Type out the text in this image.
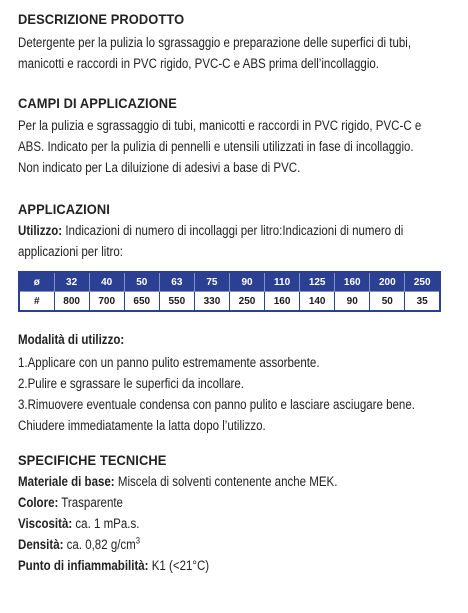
DESCRIZIONE PRODOTTO
Detergente per la pulizia lo sgrassaggio e preparazione delle superfici di tubi,
manicotti e raccordi in PVC rigido, PVC-C e ABS prima dell’incollaggio.
CAMPI DI APPLICAZIONE
Per la pulizia e sgrassaggio di tubi, manicotti e raccordi in PVC rigido, PVC-C e
ABS. Indicato per la pulizia di pennelli e utensili utilizzati in fase di incollaggio.
Non indicato per La diluizione di adesivi a base di PVC.
APPLICAZIONI
Utilizzo: Indicazioni di numero di incollaggi per litro:Indicazioni di numero di
applicazioni per litro:
ø	32	40	50	63	75	90	110	125	160	200	250
#	800	700	650	550	330	250	160	140	90	50	35
Modalità di utilizzo:
1.Applicare con un panno pulito estremamente assorbente.
2.Pulire e sgrassare le superfici da incollare.
3.Rimuovere eventuale condensa con panno pulito e lasciare asciugare bene.
Chiudere immediatamente la latta dopo l’utilizzo.
SPECIFICHE TECNICHE
Materiale di base: Miscela di solventi contenente anche MEK.
Colore: Trasparente
Viscosità: ca. 1 mPa.s.
Densità: ca. 0,82 $g/cm^3$
Punto di infiammabilità: K1 (<21°C)
